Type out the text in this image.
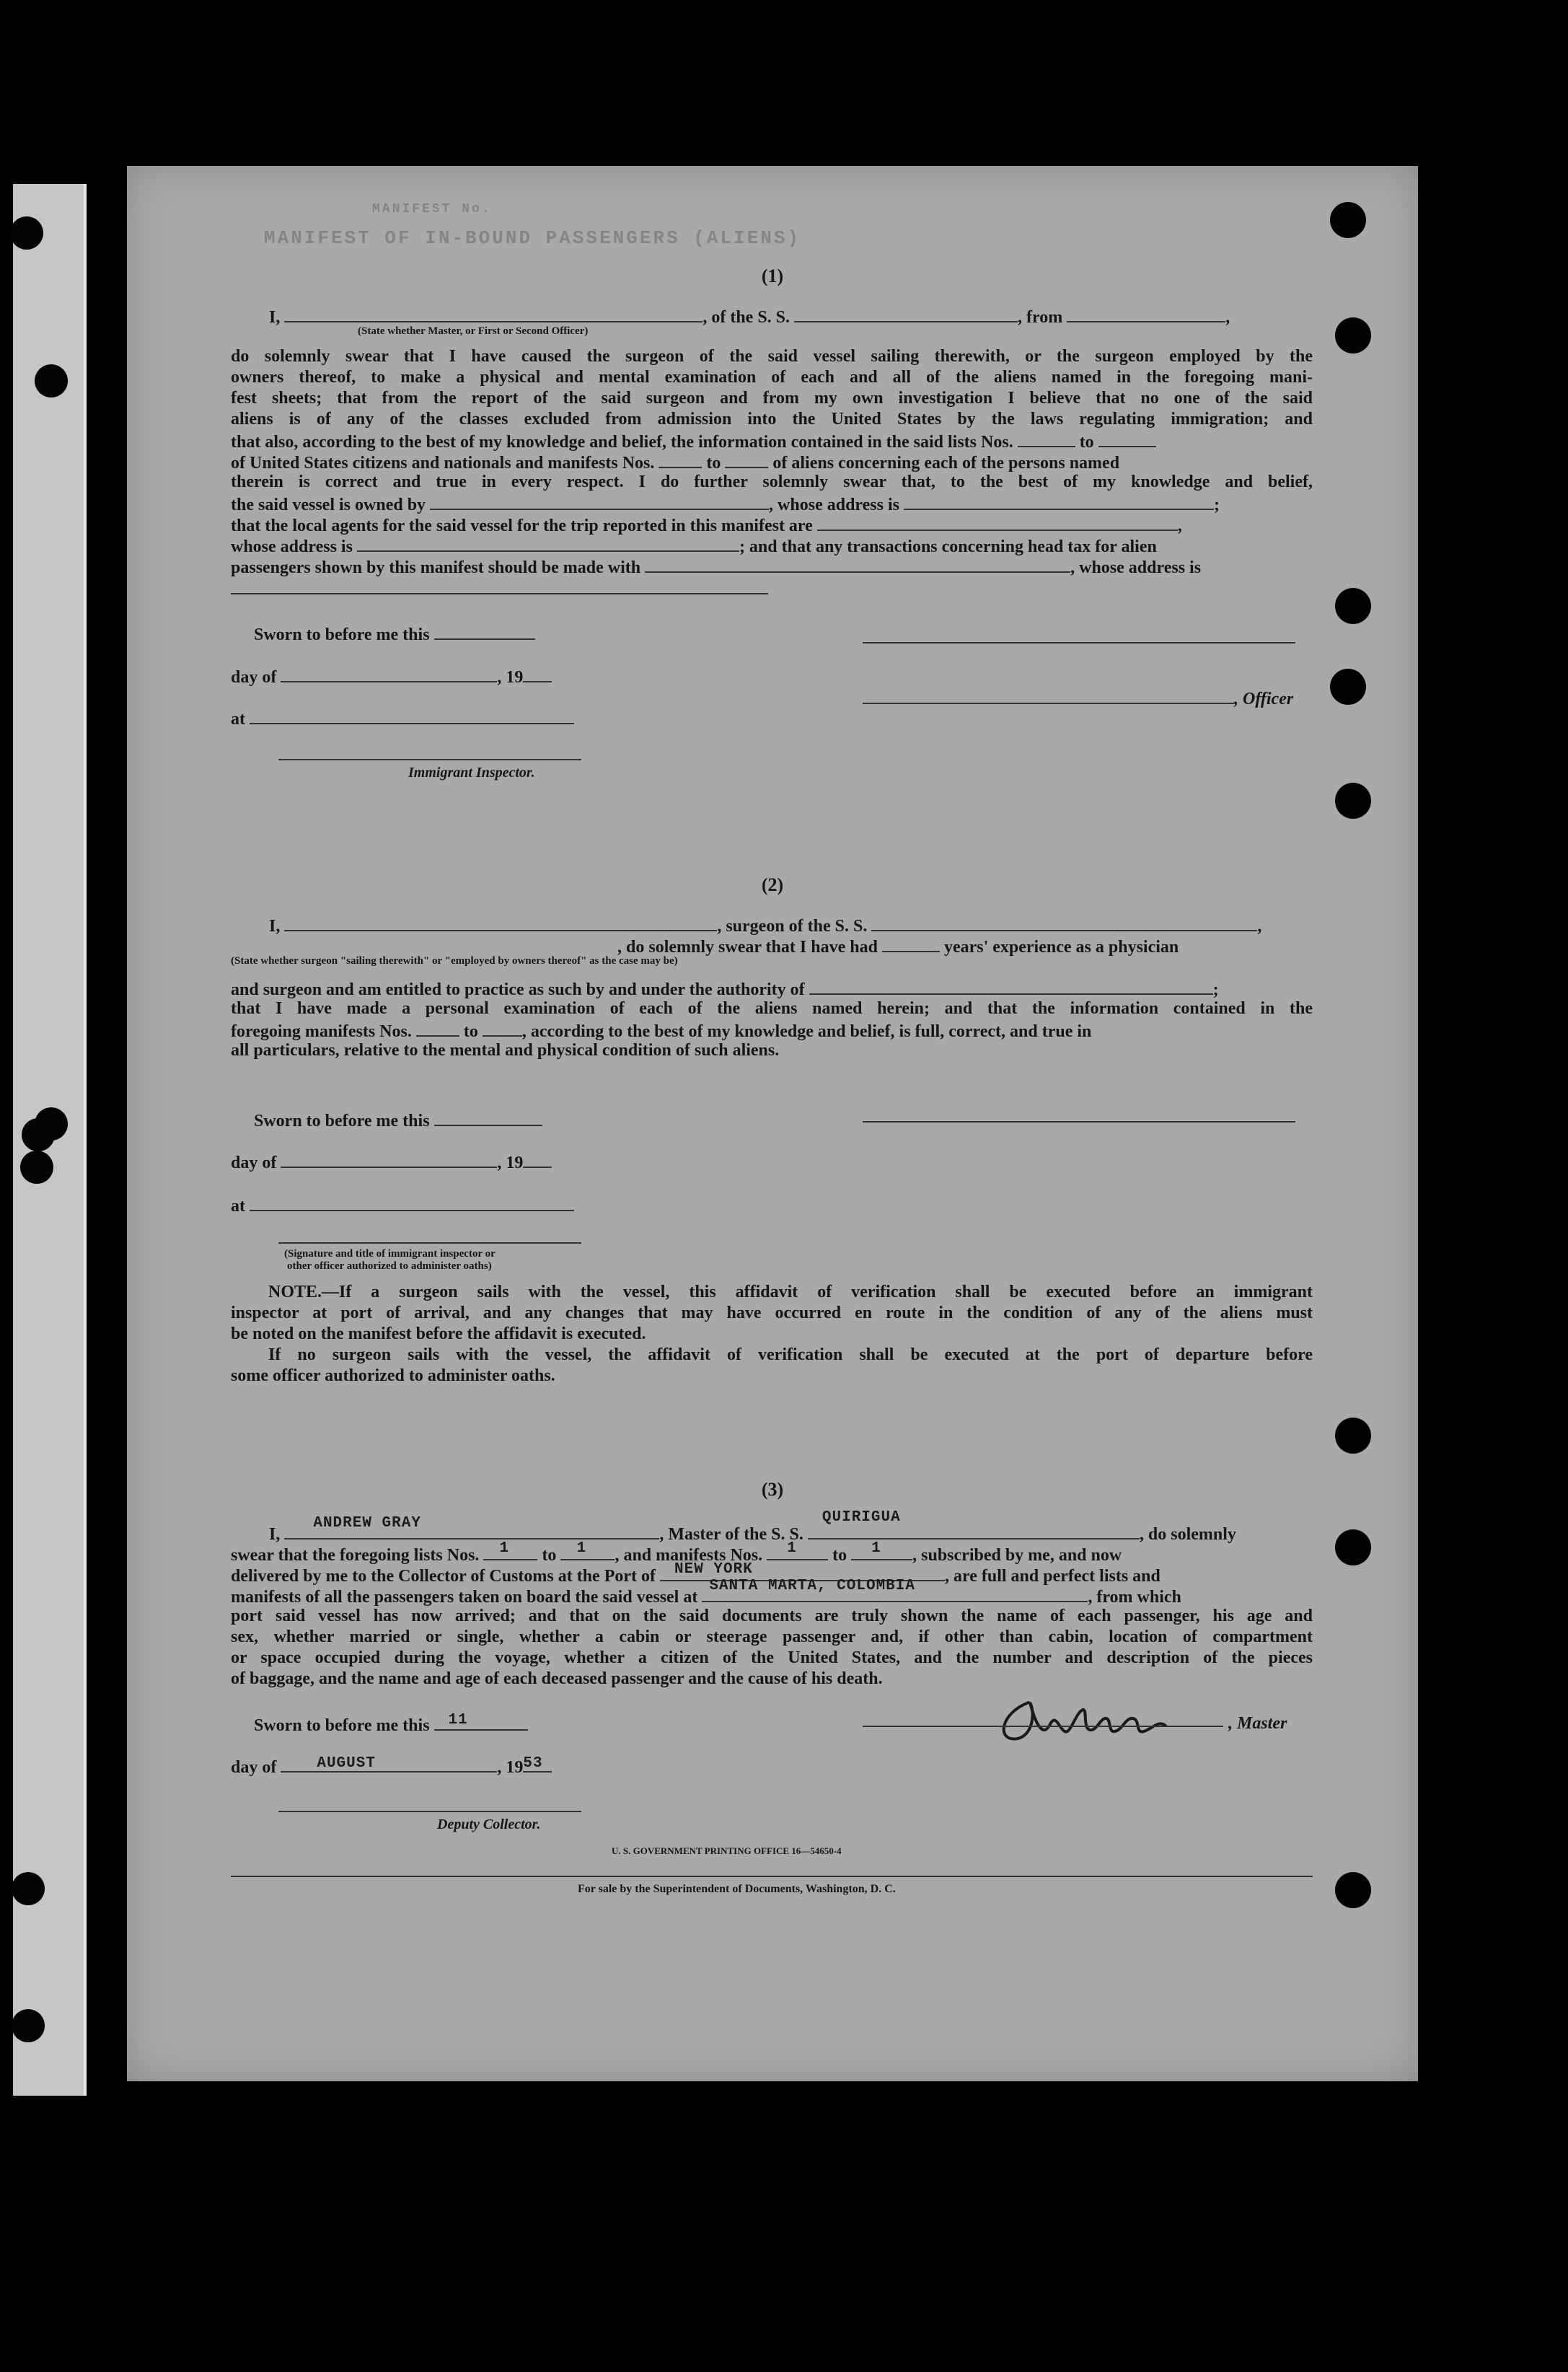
MANIFEST OF IN-BOUND PASSENGERS (ALIENS)
MANIFEST No.
(1)
I,	, of the S. S.	, from	,
(State whether Master, or First or Second Officer)
do solemnly swear that I have caused the surgeon of the said vessel sailing therewith, or the surgeon employed by the
owners thereof, to make a physical and mental examination of each and all of the aliens named in the foregoing mani-
fest sheets; that from the report of the said surgeon and from my own investigation I believe that no one of the said
aliens is of any of the classes excluded from admission into the United States by the laws regulating immigration; and
that also, according to the best of my knowledge and belief, the information contained in the said lists Nos.	to
of United States citizens and nationals and manifests Nos.	to	of aliens concerning each of the persons named
therein is correct and true in every respect. I do further solemnly swear that, to the best of my knowledge and belief,
the said vessel is owned by	, whose address is	;
that the local agents for the said vessel for the trip reported in this manifest are	,
whose address is	; and that any transactions concerning head tax for alien
passengers shown by this manifest should be made with	, whose address is
Sworn to before me this
day of	, 19
, Officer
at
Immigrant Inspector.
(2)
I,	, surgeon of the S. S.	,
(State whether surgeon "sailing therewith" or "employed by owners thereof" as the case may be)
, do solemnly swear that I have had	years' experience as a physician
and surgeon and am entitled to practice as such by and under the authority of	;
that I have made a personal examination of each of the aliens named herein; and that the information contained in the
foregoing manifests Nos.	to	, according to the best of my knowledge and belief, is full, correct, and true in
all particulars, relative to the mental and physical condition of such aliens.
Sworn to before me this
day of	, 19
at
(Signature and title of immigrant inspector or
other officer authorized to administer oaths)
NOTE.—If a surgeon sails with the vessel, this affidavit of verification shall be executed before an immigrant
inspector at port of arrival, and any changes that may have occurred en route in the condition of any of the aliens must
be noted on the manifest before the affidavit is executed.
If no surgeon sails with the vessel, the affidavit of verification shall be executed at the port of departure before
some officer authorized to administer oaths.
(3)
I,
ANDREW GRAY
, Master of the S. S.
QUIRIGUA
, do solemnly
swear that the foregoing lists Nos. 1 to 1 , and manifests Nos. 1 to 1 , subscribed by me, and now
delivered by me to the Collector of Customs at the Port of NEW YORK	, are full and perfect lists and
manifests of all the passengers taken on board the said vessel at
SANTA MARTA, COLOMBIA
, from which
port said vessel has now arrived; and that on the said documents are truly shown the name of each passenger, his age and
sex, whether married or single, whether a cabin or steerage passenger and, if other than cabin, location of compartment
or space occupied during the voyage, whether a citizen of the United States, and the number and description of the pieces
of baggage, and the name and age of each deceased passenger and the cause of his death.
Sworn to before me this 11	, Master
day of	AUGUST	, 19 53
Deputy Collector.
U. S. GOVERNMENT PRINTING OFFICE 16—54650-4
For sale by the Superintendent of Documents, Washington, D. C.
